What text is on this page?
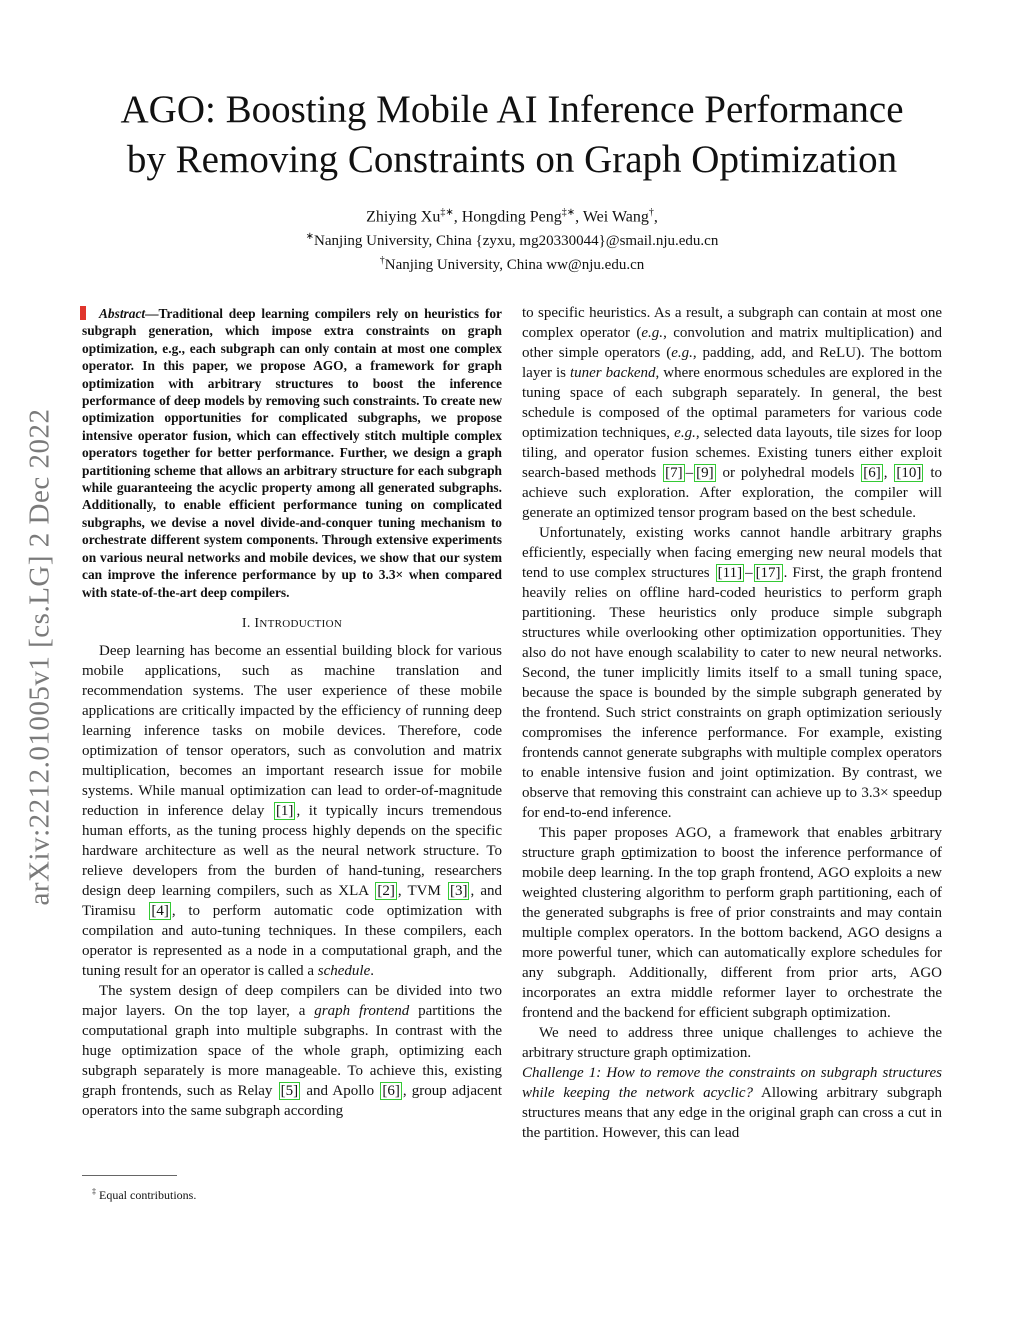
arXiv:2212.01005v1 [cs.LG] 2 Dec 2022
AGO: Boosting Mobile AI Inference Performance
by Removing Constraints on Graph Optimization
Zhiying Xu‡∗, Hongding Peng‡∗, Wei Wang†,
∗Nanjing University, China {zyxu, mg20330044}@smail.nju.edu.cn
†Nanjing University, China ww@nju.edu.cn

Abstract—Traditional deep learning compilers rely on heuristics for subgraph generation, which impose extra constraints on graph optimization, e.g., each subgraph can only contain at most one complex operator. In this paper, we propose AGO, a framework for graph optimization with arbitrary structures to boost the inference performance of deep models by removing such constraints. To create new optimization opportunities for complicated subgraphs, we propose intensive operator fusion, which can effectively stitch multiple complex operators together for better performance. Further, we design a graph partitioning scheme that allows an arbitrary structure for each subgraph while guaranteeing the acyclic property among all generated subgraphs. Additionally, to enable efficient performance tuning on complicated subgraphs, we devise a novel divide-and-conquer tuning mechanism to orchestrate different system components. Through extensive experiments on various neural networks and mobile devices, we show that our system can improve the inference performance by up to 3.3× when compared with state-of-the-art deep compilers.

I. INTRODUCTION

Deep learning has become an essential building block for various mobile applications, such as machine translation and recommendation systems. The user experience of these mobile applications are critically impacted by the efficiency of running deep learning inference tasks on mobile devices. Therefore, code optimization of tensor operators, such as convolution and matrix multiplication, becomes an important research issue for mobile systems. While manual optimization can lead to order-of-magnitude reduction in inference delay [1] , it typically incurs tremendous human efforts, as the tuning process highly depends on the specific hardware architecture as well as the neural network structure. To relieve developers from the burden of hand-tuning, researchers design deep learning compilers, such as XLA [2] , TVM [3] , and Tiramisu [4] , to perform automatic code optimization with compilation and auto-tuning techniques. In these compilers, each operator is represented as a node in a computational graph, and the tuning result for an operator is called a schedule.

The system design of deep compilers can be divided into two major layers. On the top layer, a graph frontend partitions the computational graph into multiple subgraphs. In contrast with the huge optimization space of the whole graph, optimizing each subgraph separately is more manageable. To achieve this, existing graph frontends, such as Relay [5] and Apollo [6] , group adjacent operators into the same subgraph according

‡ Equal contributions.

to specific heuristics. As a result, a subgraph can contain at most one complex operator (e.g., convolution and matrix multiplication) and other simple operators (e.g., padding, add, and ReLU). The bottom layer is tuner backend, where enormous schedules are explored in the tuning space of each subgraph separately. In general, the best schedule is composed of the optimal parameters for various code optimization techniques, e.g., selected data layouts, tile sizes for loop tiling, and operator fusion schemes. Existing tuners either exploit search-based methods [7] – [9] or polyhedral models [6] , [10] to achieve such exploration. After exploration, the compiler will generate an optimized tensor program based on the best schedule.

Unfortunately, existing works cannot handle arbitrary graphs efficiently, especially when facing emerging new neural models that tend to use complex structures [11] – [17] . First, the graph frontend heavily relies on offline hard-coded heuristics to perform graph partitioning. These heuristics only produce simple subgraph structures while overlooking other optimization opportunities. They also do not have enough scalability to cater to new neural networks. Second, the tuner implicitly limits itself to a small tuning space, because the space is bounded by the simple subgraph generated by the frontend. Such strict constraints on graph optimization seriously compromises the inference performance. For example, existing frontends cannot generate subgraphs with multiple complex operators to enable intensive fusion and joint optimization. By contrast, we observe that removing this constraint can achieve up to 3.3× speedup for end-to-end inference.

This paper proposes AGO, a framework that enables arbitrary structure graph optimization to boost the inference performance of mobile deep learning. In the top graph frontend, AGO exploits a new weighted clustering algorithm to perform graph partitioning, each of the generated subgraphs is free of prior constraints and may contain multiple complex operators. In the bottom backend, AGO designs a more powerful tuner, which can automatically explore schedules for any subgraph. Additionally, different from prior arts, AGO incorporates an extra middle reformer layer to orchestrate the frontend and the backend for efficient subgraph optimization.

We need to address three unique challenges to achieve the arbitrary structure graph optimization.

Challenge 1: How to remove the constraints on subgraph structures while keeping the network acyclic? Allowing arbitrary subgraph structures means that any edge in the original graph can cross a cut in the partition. However, this can lead
